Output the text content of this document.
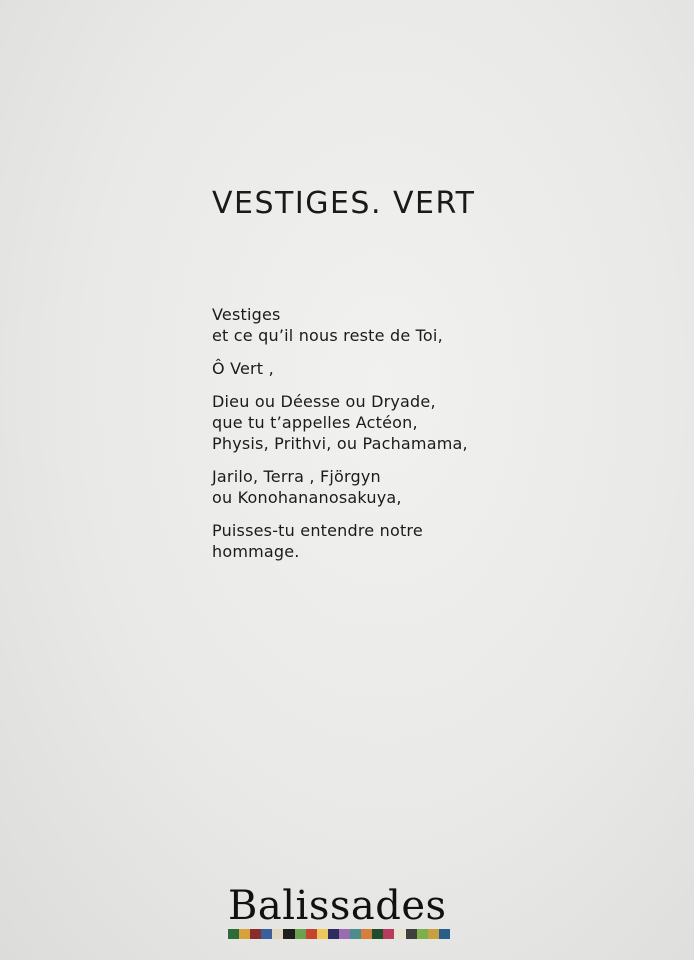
VESTIGES. VERT

Vestiges
et ce qu’il nous reste de Toi,

Ô Vert ,

Dieu ou Déesse ou Dryade,
que tu t’appelles Actéon,
Physis, Prithvi, ou Pachamama,

Jarilo, Terra , Fjörgyn
ou Konohananosakuya,

Puisses-tu entendre notre
hommage.

Balissades
